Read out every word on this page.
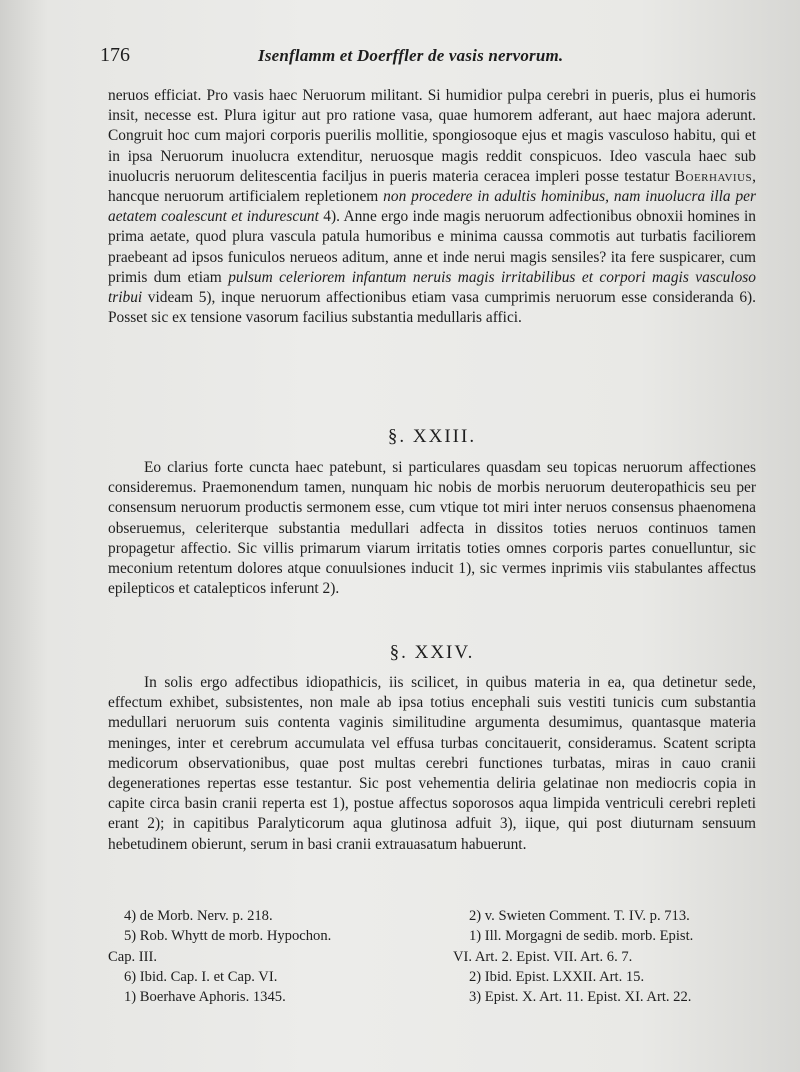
176	Isenflamm et Doerffler de vasis nervorum.

neruos efficiat. Pro vasis haec Neruorum militant. Si humidior pulpa cerebri in pueris, plus ei humoris insit, necesse est. Plura igitur aut pro ratione vasa, quae humorem adferant, aut haec majora aderunt. Congruit hoc cum majori corporis puerilis mollitie, spongiosoque ejus et magis vasculoso habitu, qui et in ipsa Neruorum inuolucra extenditur, neruosque magis reddit conspicuos. Ideo vascula haec sub inuolucris neruorum delitescentia faciljus in pueris materia ceracea impleri posse testatur Boerhavius, hancque neruorum artificialem repletionem non procedere in adultis hominibus, nam inuolucra illa per aetatem coalescunt et indurescunt 4). Anne ergo inde magis neruorum adfectionibus obnoxii homines in prima aetate, quod plura vascula patula humoribus e minima caussa commotis aut turbatis faciliorem praebeant ad ipsos funiculos nerueos aditum, anne et inde nerui magis sensiles? ita fere suspicarer, cum primis dum etiam pulsum celeriorem infantum neruis magis irritabilibus et corpori magis vasculoso tribui videam 5), inque neruorum affectionibus etiam vasa cumprimis neruorum esse consideranda 6). Posset sic ex tensione vasorum facilius substantia medullaris affici.

§. XXIII.

Eo clarius forte cuncta haec patebunt, si particulares quasdam seu topicas neruorum affectiones consideremus. Praemonendum tamen, nunquam hic nobis de morbis neruorum deuteropathicis seu per consensum neruorum productis sermonem esse, cum vtique tot miri inter neruos consensus phaenomena obseruemus, celeriterque substantia medullari adfecta in dissitos toties neruos continuos tamen propagetur affectio. Sic villis primarum viarum irritatis toties omnes corporis partes conuelluntur, sic meconium retentum dolores atque conuulsiones inducit 1), sic vermes inprimis viis stabulantes affectus epilepticos et catalepticos inferunt 2).

§. XXIV.

In solis ergo adfectibus idiopathicis, iis scilicet, in quibus materia in ea, qua detinetur sede, effectum exhibet, subsistentes, non male ab ipsa totius encephali suis vestiti tunicis cum substantia medullari neruorum suis contenta vaginis similitudine argumenta desumimus, quantasque materia meninges, inter et cerebrum accumulata vel effusa turbas concitauerit, consideramus. Scatent scripta medicorum observationibus, quae post multas cerebri functiones turbatas, miras in cauo cranii degenerationes repertas esse testantur. Sic post vehementia deliria gelatinae non mediocris copia in capite circa basin cranii reperta est 1), postue affectus soporosos aqua limpida ventriculi cerebri repleti erant 2); in capitibus Paralyticorum aqua glutinosa adfuit 3), iique, qui post diuturnam sensuum hebetudinem obierunt, serum in basi cranii extrauasatum habuerunt.

4) de Morb. Nerv. p. 218.
5) Rob. Whytt de morb. Hypochon.
Cap. III.
6) Ibid. Cap. I. et Cap. VI.
1) Boerhave Aphoris. 1345.
2) v. Swieten Comment. T. IV. p. 713.
1) Ill. Morgagni de sedib. morb. Epist.
VI. Art. 2. Epist. VII. Art. 6. 7.
2) Ibid. Epist. LXXII. Art. 15.
3) Epist. X. Art. 11. Epist. XI. Art. 22.
